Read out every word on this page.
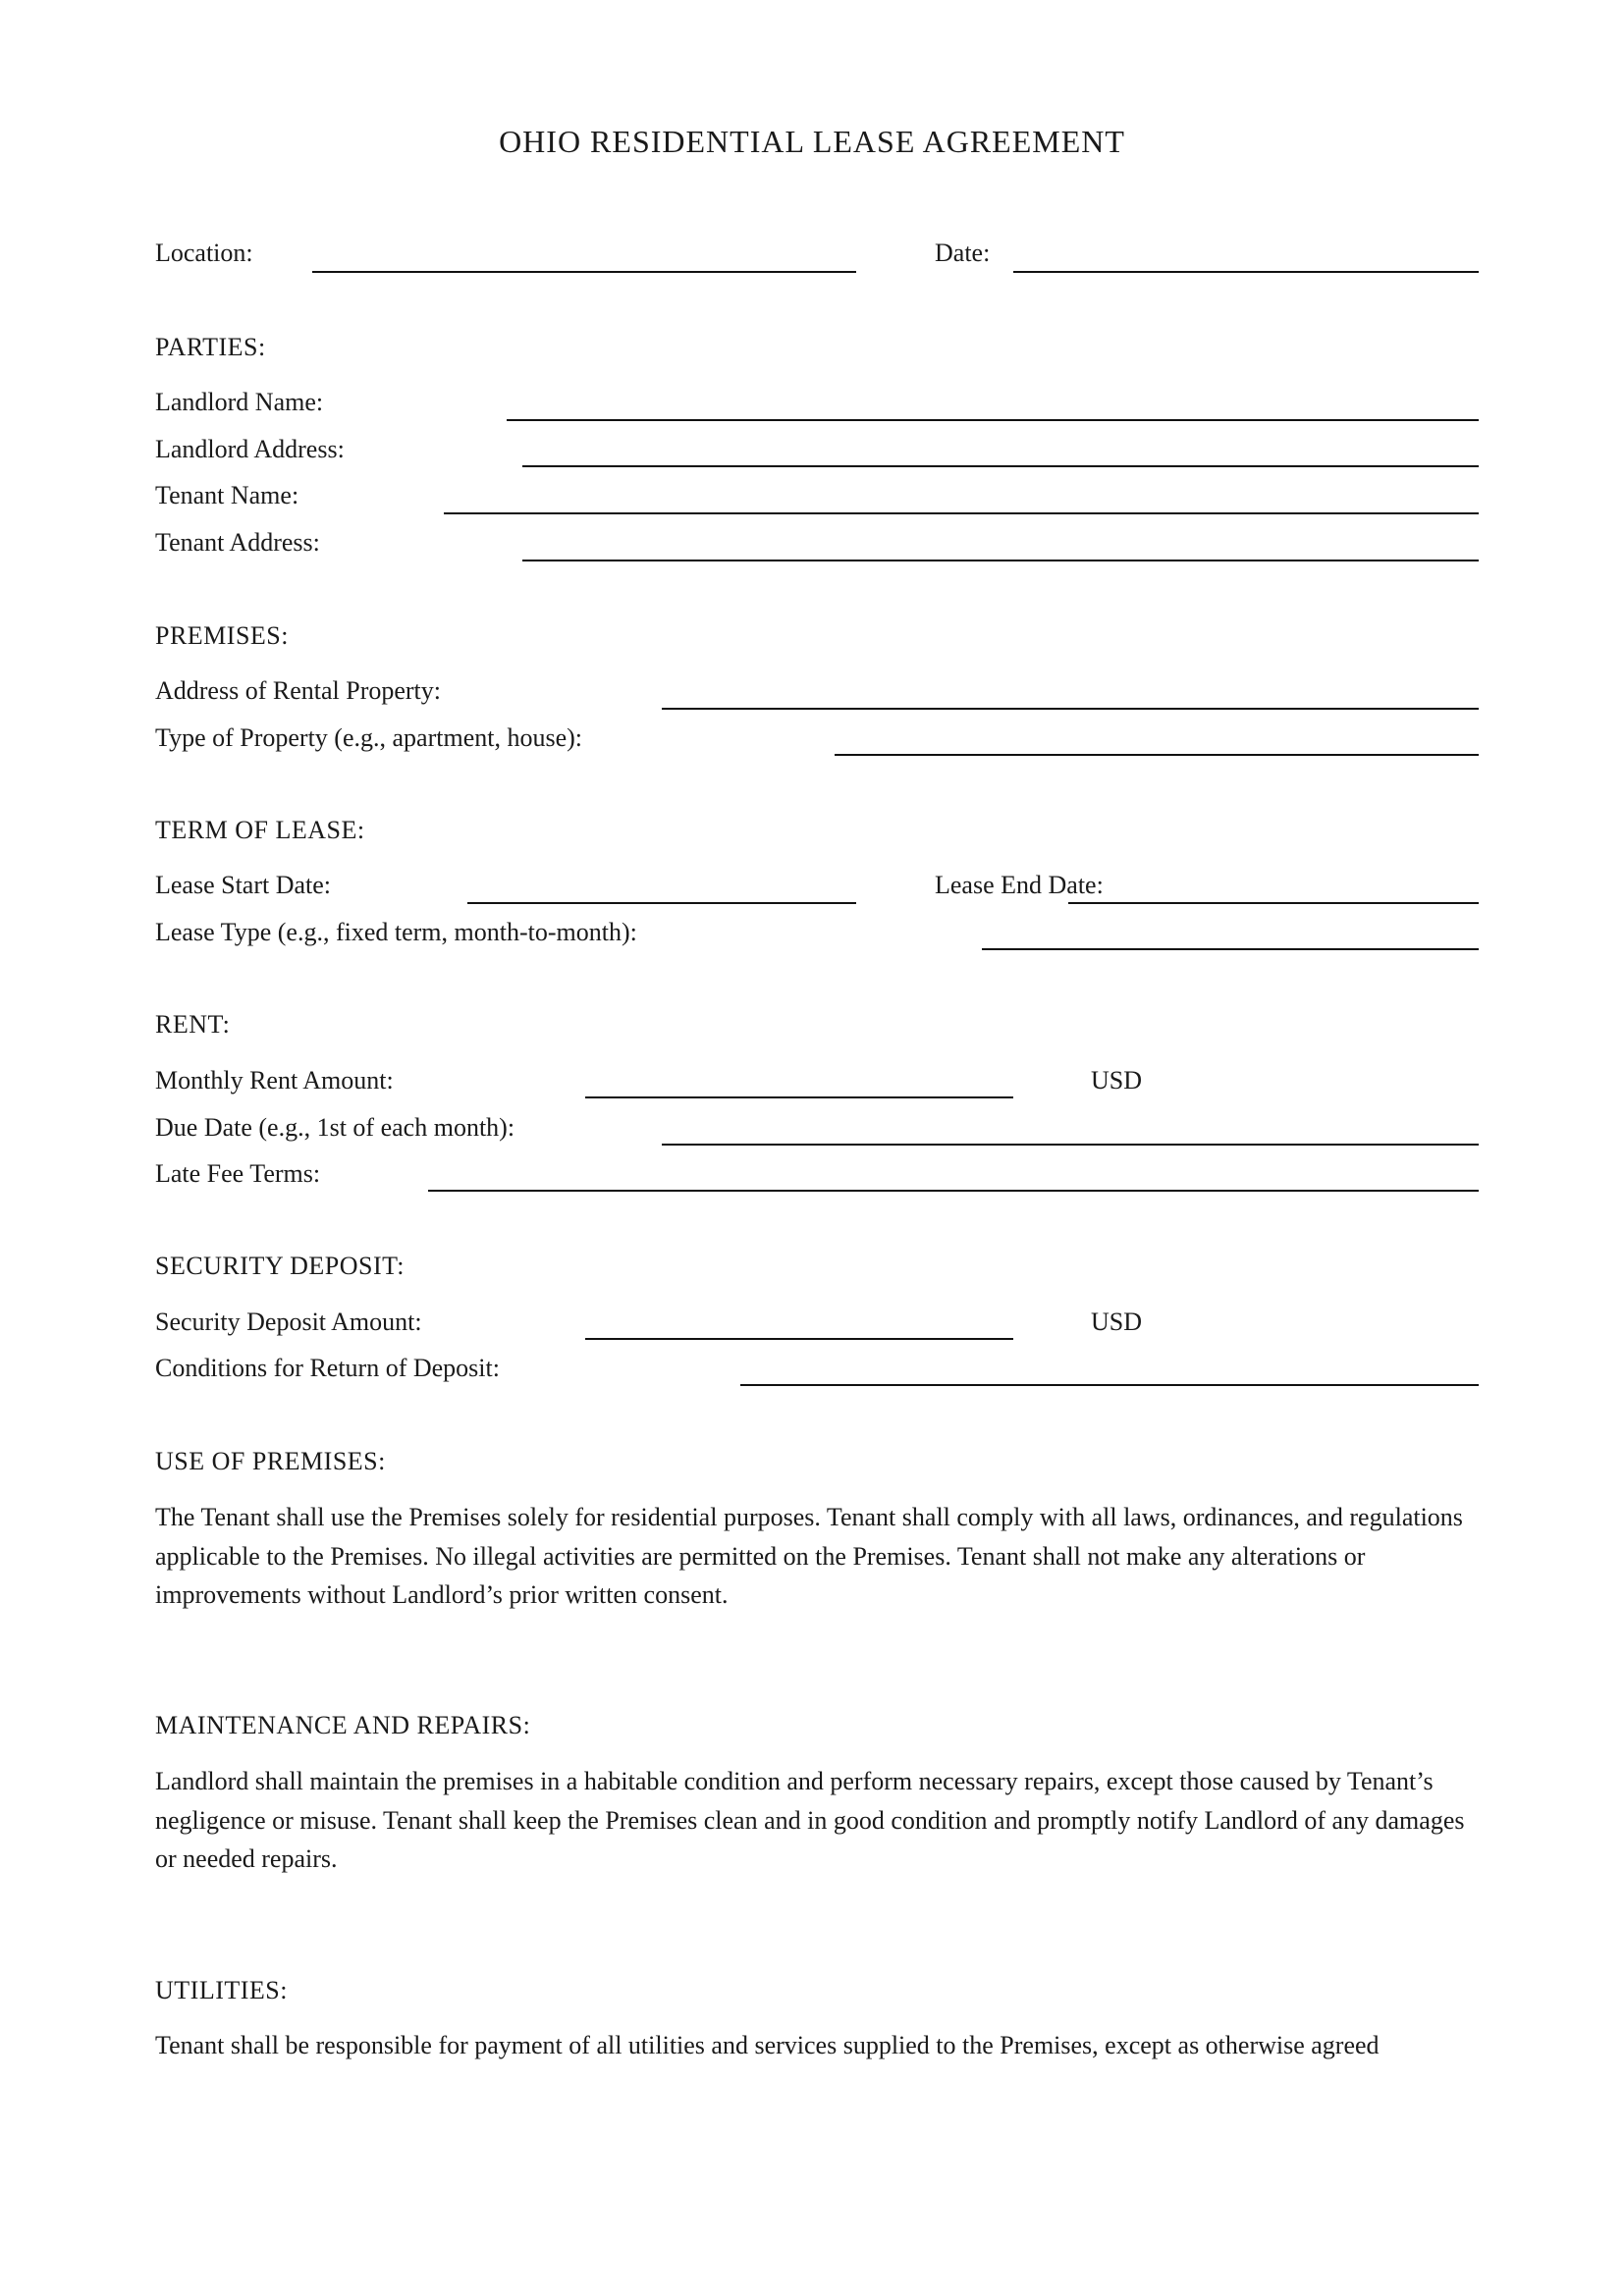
OHIO RESIDENTIAL LEASE AGREEMENT
Location:	Date:
PARTIES:
Landlord Name:
Landlord Address:
Tenant Name:
Tenant Address:
PREMISES:
Address of Rental Property:
Type of Property (e.g., apartment, house):
TERM OF LEASE:
Lease Start Date:	Lease End Date:
Lease Type (e.g., fixed term, month-to-month):
RENT:
Monthly Rent Amount:	USD
Due Date (e.g., 1st of each month):
Late Fee Terms:
SECURITY DEPOSIT:
Security Deposit Amount:	USD
Conditions for Return of Deposit:
USE OF PREMISES:
The Tenant shall use the Premises solely for residential purposes. Tenant shall comply with all laws, ordinances, and regulations applicable to the Premises. No illegal activities are permitted on the Premises. Tenant shall not make any alterations or improvements without Landlord’s prior written consent.
MAINTENANCE AND REPAIRS:
Landlord shall maintain the premises in a habitable condition and perform necessary repairs, except those caused by Tenant’s negligence or misuse. Tenant shall keep the Premises clean and in good condition and promptly notify Landlord of any damages or needed repairs.
UTILITIES:
Tenant shall be responsible for payment of all utilities and services supplied to the Premises, except as otherwise agreed
